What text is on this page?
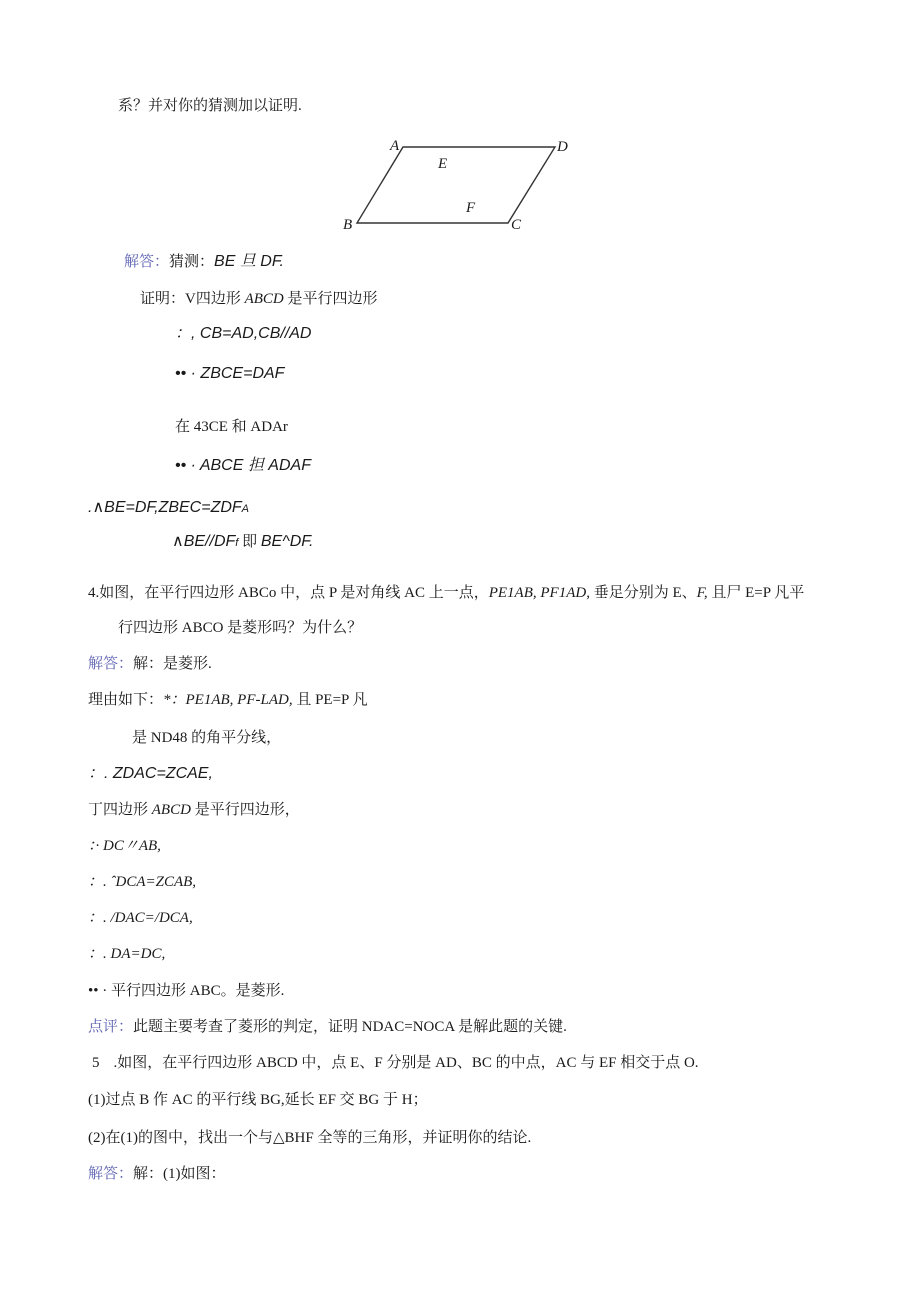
系？并对你的猜测加以证明.
A	D
B	C
E
F
解答：猜测：BE 旦 DF.
证明：V四边形 ABCD 是平行四边形
：, CB=AD,CB//AD
•• · ZBCE=DAF
在 43CE 和 ADAr
•• · ABCE 担 ADAF
.∧BE=DF,ZBEC=ZDFA
∧BE//DFf 即 BE^DF.
4.如图，在平行四边形 ABCo 中，点 P 是对角线 AC 上一点，PE1AB, PF1AD, 垂足分别为 E、F, 且尸 E=P 凡平
行四边形 ABCO 是菱形吗？为什么？
解答：解：是菱形.
理由如下：*：PE1AB, PF-LAD, 且 PE=P 凡
是 ND48 的角平分线，
：. ZDAC=ZCAE,
丁四边形 ABCD 是平行四边形，
：· DC〃AB,
：. ˆDCA=ZCAB,
：. /DAC=/DCA,
：. DA=DC,
•• · 平行四边形 ABC。是菱形.
点评：此题主要考查了菱形的判定，证明 NDAC=NOCA 是解此题的关键.
5 .如图，在平行四边形 ABCD 中，点 E、F 分别是 AD、BC 的中点，AC 与 EF 相交于点 O.
(1)过点 B 作 AC 的平行线 BG,延长 EF 交 BG 于 H；
(2)在(1)的图中，找出一个与△BHF 全等的三角形，并证明你的结论.
解答：解：(1)如图：
